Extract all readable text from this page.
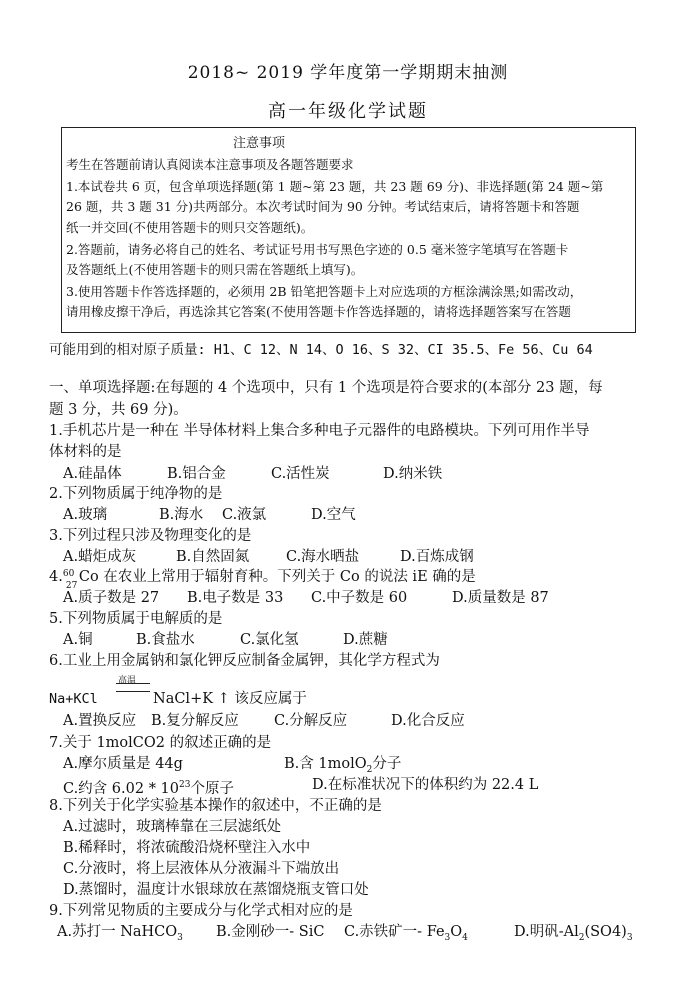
2018~ 2019 学年度第一学期期末抽测
高一年级化学试题
注意事项
考生在答题前请认真阅读本注意事项及各题答题要求
1.本试卷共 6 页，包含单项选择题(第 1 题~第 23 题，共 23 题 69 分)、非选择题(第 24 题~第
26 题，共 3 题 31 分)共两部分。本次考试时间为 90 分钟。考试结束后，请将答题卡和答题
纸一并交回(不使用答题卡的则只交答题纸)。
2.答题前，请务必将自己的姓名、考试证号用书写黑色字迹的 0.5 毫米签字笔填写在答题卡
及答题纸上(不使用答题卡的则只需在答题纸上填写)。
3.使用答题卡作答选择题的，必须用 2B 铅笔把答题卡上对应选项的方框涂满涂黑;如需改动，
请用橡皮擦干净后，再选涂其它答案(不使用答题卡作答选择题的，请将选择题答案写在答题
可能用到的相对原子质量: H1、C 12、N 14、O 16、S 32、CI 35.5、Fe 56、Cu 64
一、单项选择题:在每题的 4 个选项中，只有 1 个选项是符合要求的(本部分 23 题，每
题 3 分，共 69 分)。
1.手机芯片是一种在 半导体材料上集合多种电子元器件的电路模块。下列可用作半导
体材料的是
A.硅晶体	B.铝合金	C.活性炭	D.纳米铁
2.下列物质属于纯净物的是
A.玻璃	B.海水 C.液氯	D.空气
3.下列过程只涉及物理变化的是
A.蜡炬成灰	B.自然固氮	C.海水晒盐	D.百炼成钢
4. 60
27
Co 在农业上常用于辐射育种。下列关于 Co 的说法 iE 确的是
A.质子数是 27 B.电子数是 33 C.中子数是 60	D.质量数是 87
5.下列物质属于电解质的是
A.铜	B.食盐水	C.氯化氢	D.蔗糖
6.工业上用金属钠和氯化钾反应制备金属钾，其化学方程式为
Na+KCl
高温
NaCl+K ↑ 该反应属于
A.置换反应 B.复分解反应 C.分解反应	D.化合反应
7.关于 1molCO2 的叙述正确的是
A.摩尔质量是 44g	B.含 1molO$_2$分子
C.约含 $6.02 * 10^{23}$个原子	D.在标准状况下的体积约为 22.4 L
8.下列关于化学实验基本操作的叙述中，不正确的是
A.过滤时，玻璃棒靠在三层滤纸处
B.稀释时，将浓硫酸沿烧杯壁注入水中
C.分液时，将上层液体从分液漏斗下端放出
D.蒸馏时，温度计水银球放在蒸馏烧瓶支管口处
9.下列常见物质的主要成分与化学式相对应的是
A.苏打一 NaHCO$_3$ B.金刚砂一- SiC C.赤铁矿一- $Fe_3O_4$	D.明矾$-Al_2(SO4)_3$
